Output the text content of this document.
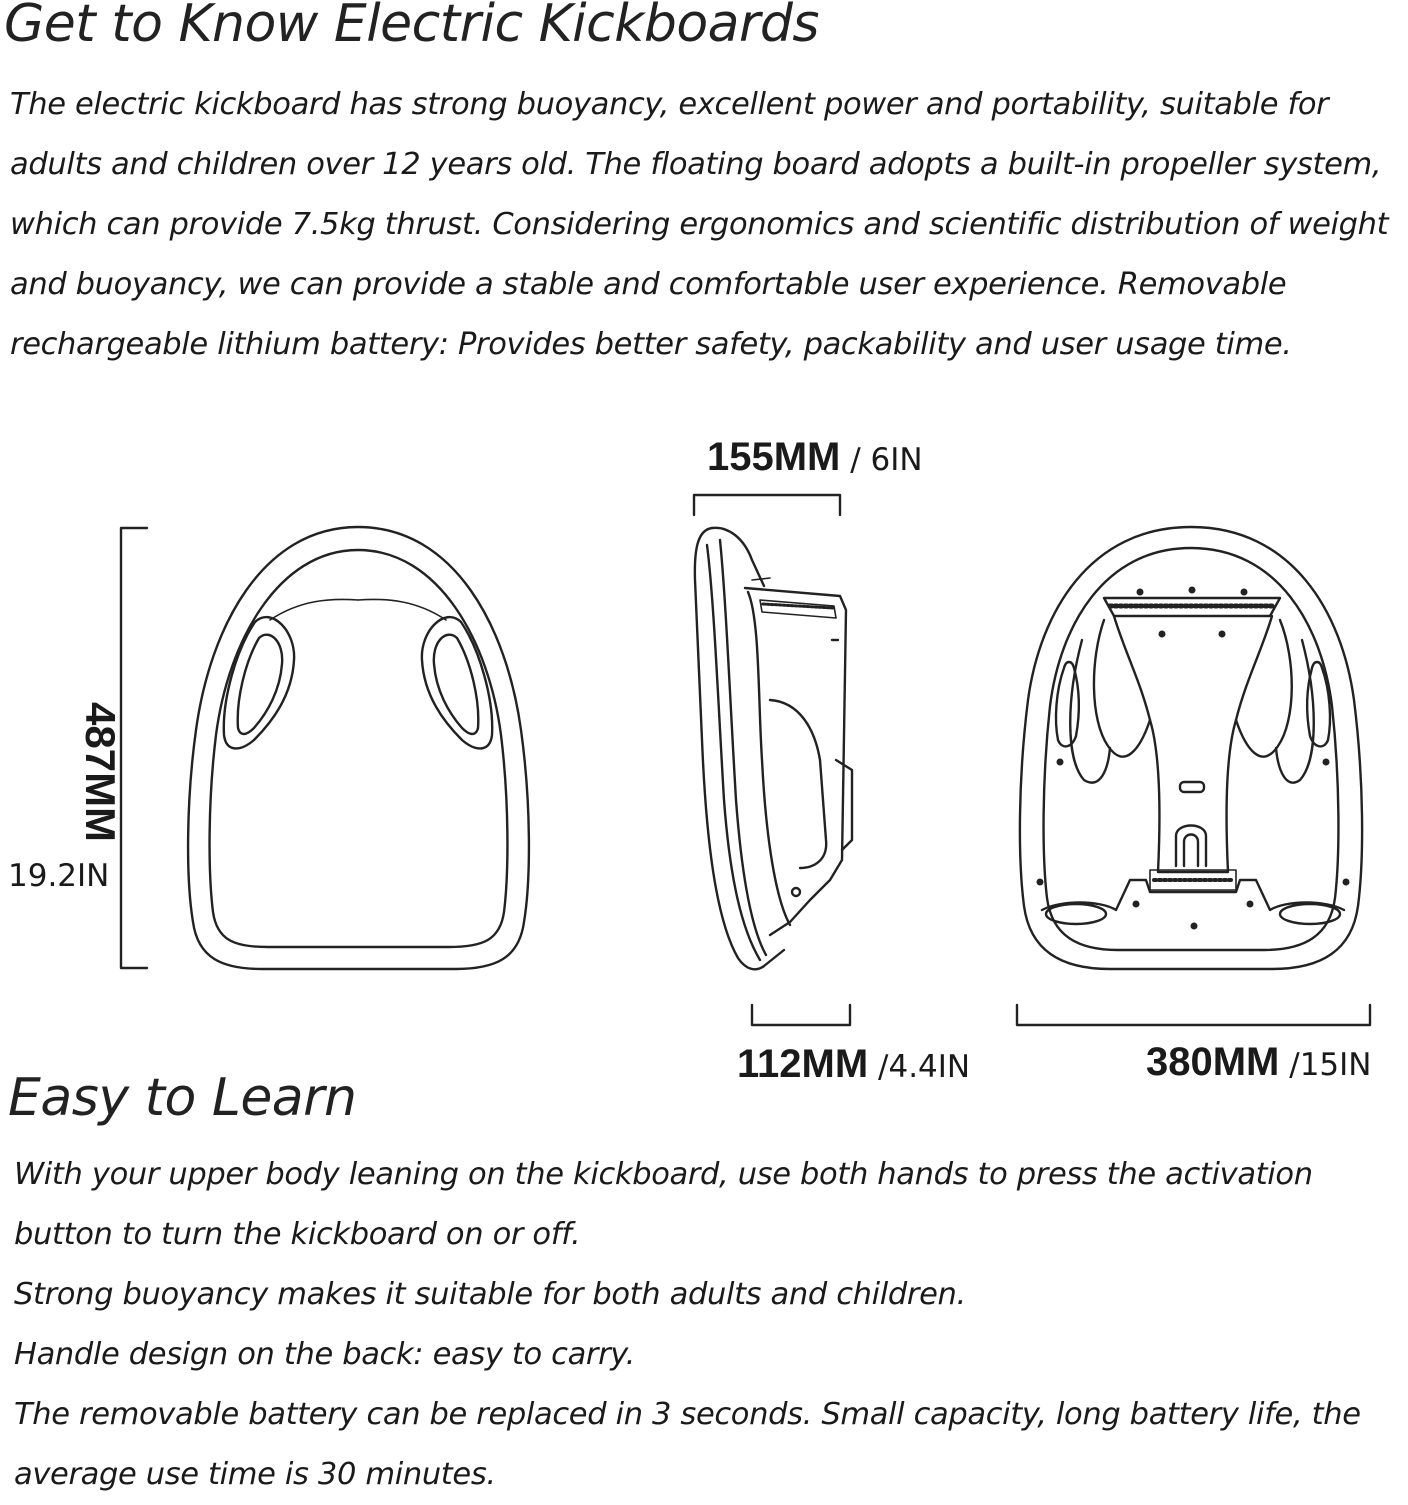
Get to Know Electric Kickboards
The electric kickboard has strong buoyancy, excellent power and portability, suitable for
adults and children over 12 years old. The floating board adopts a built-in propeller system,
which can provide 7.5kg thrust. Considering ergonomics and scientific distribution of weight
and buoyancy, we can provide a stable and comfortable user experience. Removable
rechargeable lithium battery: Provides better safety, packability and user usage time.
487MM
19.2IN
155MM / 6IN
112MM /4.4IN	380MM /15IN
Easy to Learn
With your upper body leaning on the kickboard, use both hands to press the activation
button to turn the kickboard on or off.
Strong buoyancy makes it suitable for both adults and children.
Handle design on the back: easy to carry.
The removable battery can be replaced in 3 seconds. Small capacity, long battery life, the
average use time is 30 minutes.
